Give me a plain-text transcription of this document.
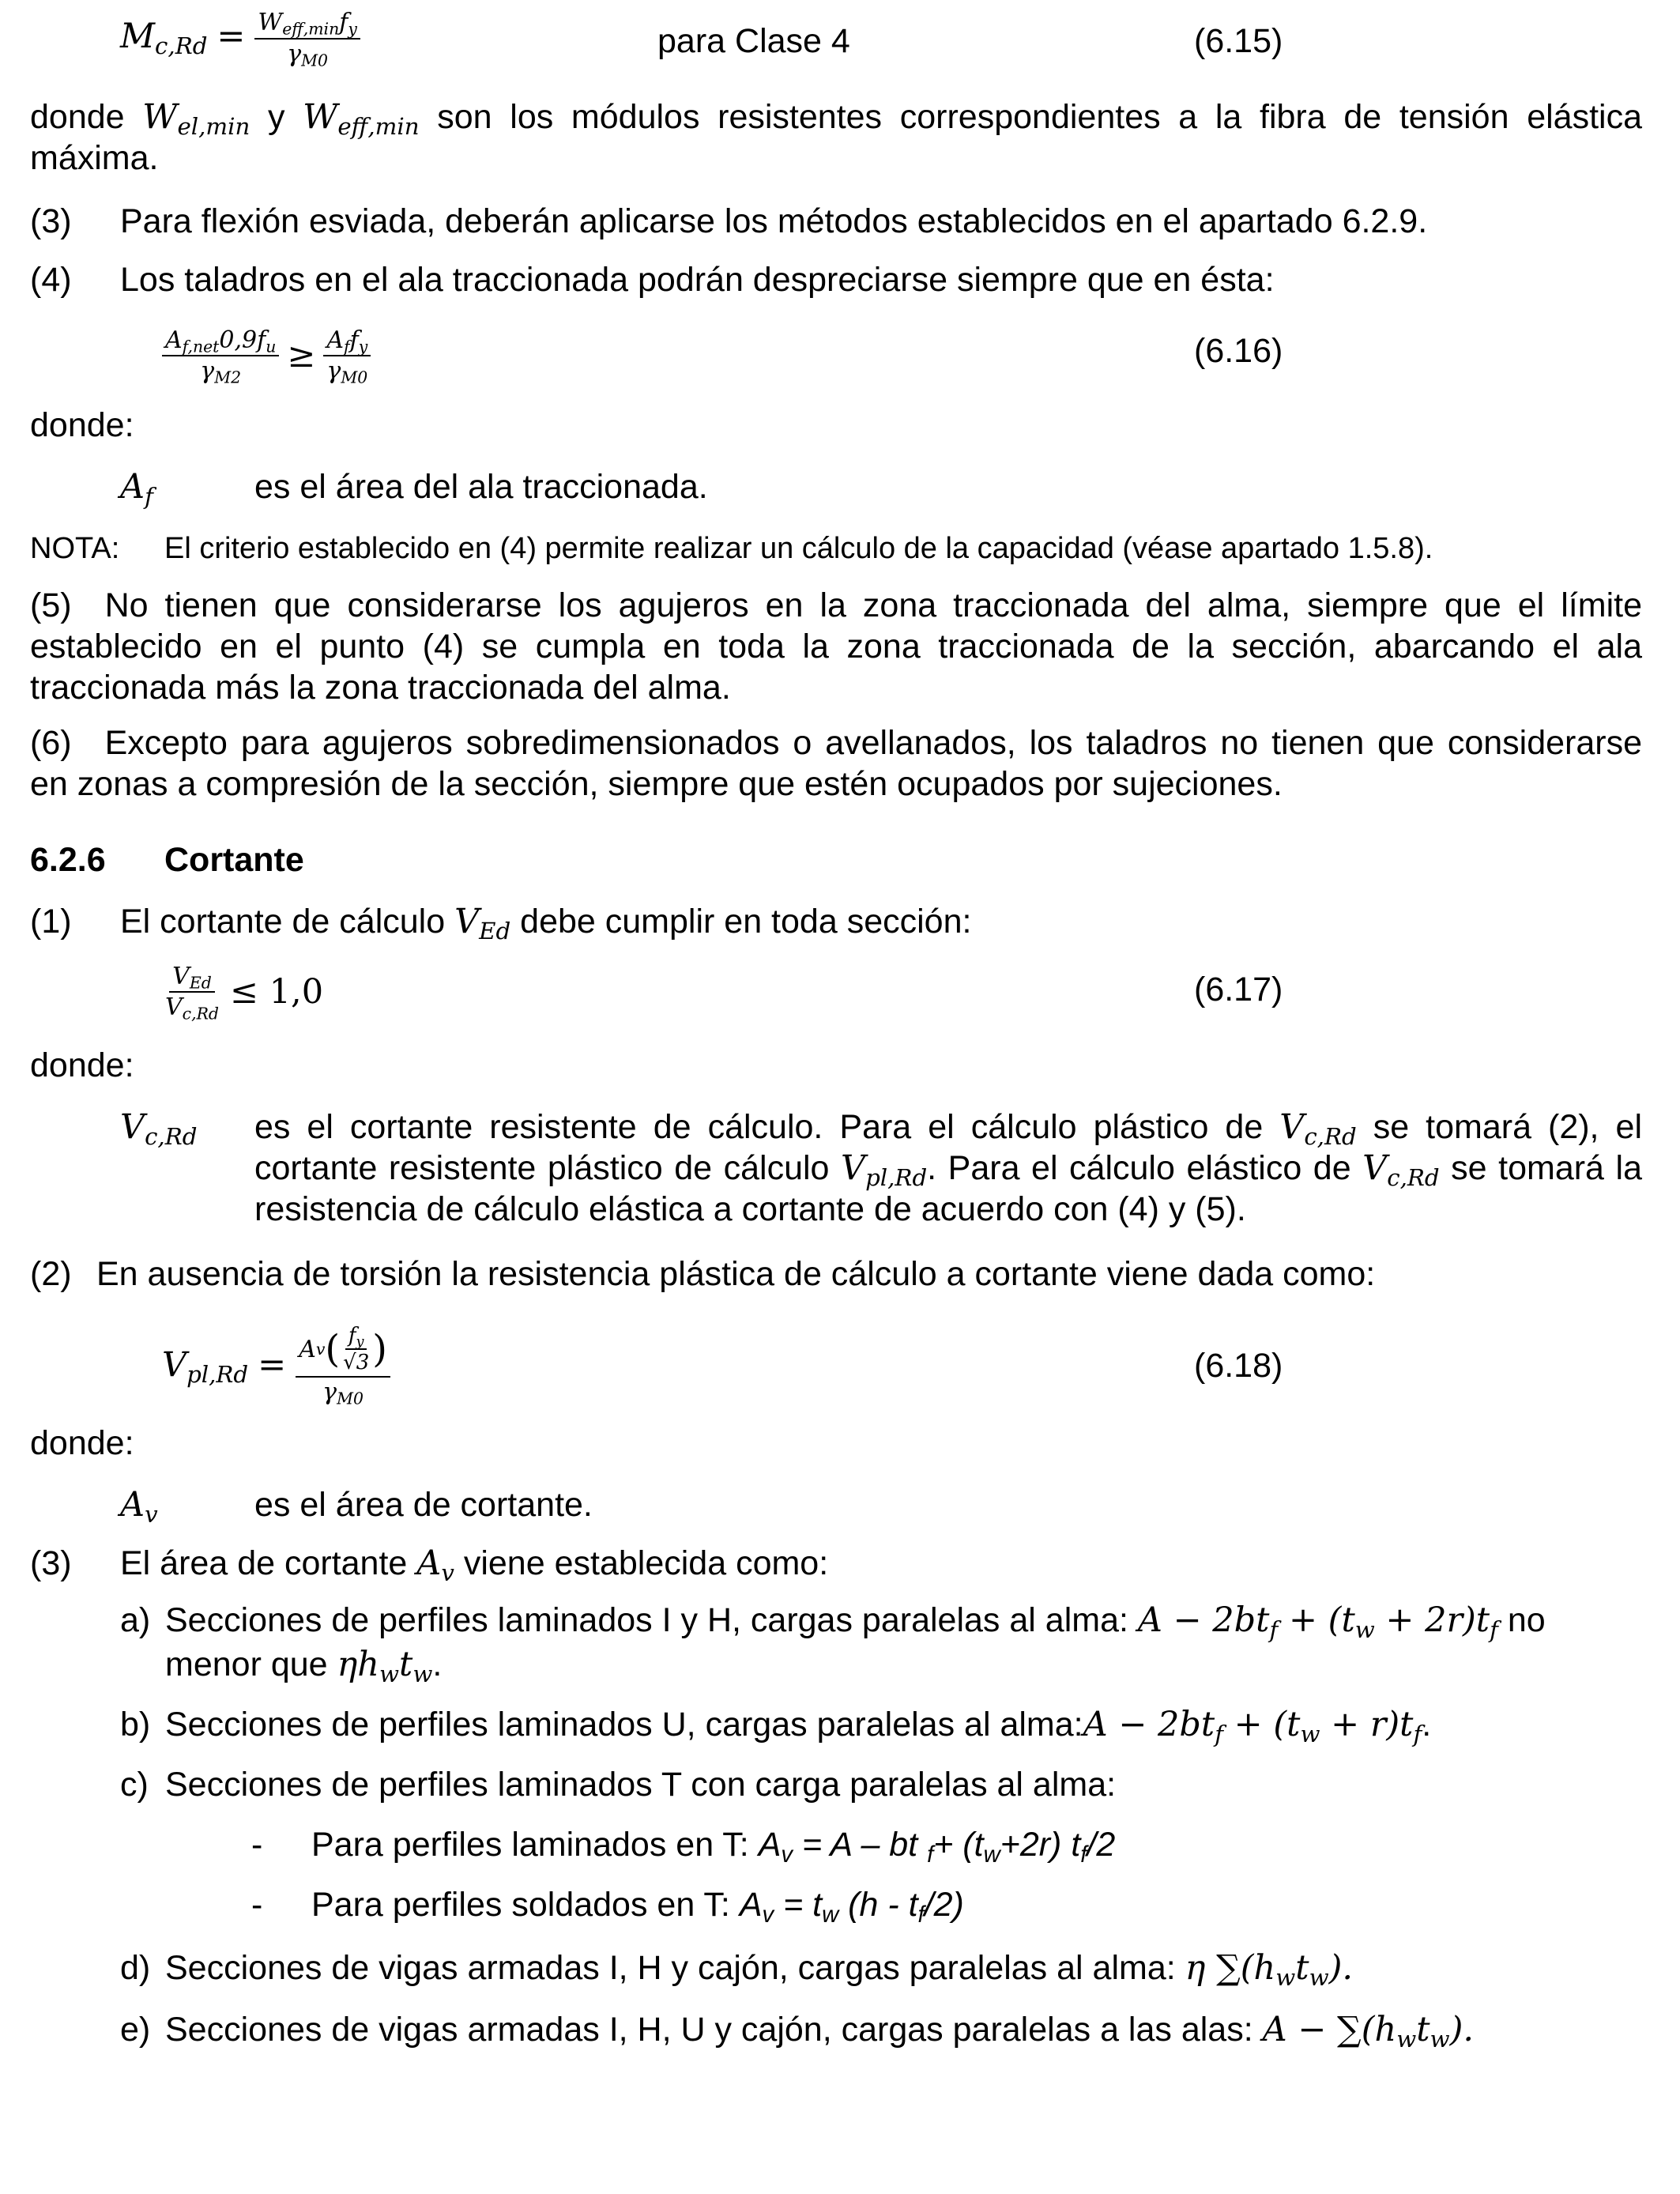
$M_{c,Rd} = \frac{W_{eff,min}f_y}{\gamma_{M0}}$	para Clase 4	(6.15)
donde $W_{el,min}$ y $W_{eff,min}$ son los módulos resistentes correspondientes a la fibra de tensión elástica máxima.
(3) Para flexión esviada, deberán aplicarse los métodos establecidos en el apartado 6.2.9.
(4) Los taladros en el ala traccionada podrán despreciarse siempre que en ésta:
$\frac{A_{f,net}0,9f_u}{\gamma_{M2}} \ge \frac{A_ff_y}{\gamma_{M0}}$	(6.16)
donde:
$A_f$	es el área del ala traccionada.
NOTA: El criterio establecido en (4) permite realizar un cálculo de la capacidad (véase apartado 1.5.8).
(5) No tienen que considerarse los agujeros en la zona traccionada del alma, siempre que el límite establecido en el punto (4) se cumpla en toda la zona traccionada de la sección, abarcando el ala traccionada más la zona traccionada del alma.
(6) Excepto para agujeros sobredimensionados o avellanados, los taladros no tienen que considerarse en zonas a compresión de la sección, siempre que estén ocupados por sujeciones.
6.2.6 Cortante
(1) El cortante de cálculo $V_{Ed}$ debe cumplir en toda sección:
$\frac{V_{Ed}}{V_{c,Rd}} \le 1,0$	(6.17)
donde:
$V_{c,Rd}$ es el cortante resistente de cálculo. Para el cálculo plástico de $V_{c,Rd}$ se tomará (2), el cortante resistente plástico de cálculo $V_{pl,Rd}$. Para el cálculo elástico de $V_{c,Rd}$ se tomará la resistencia de cálculo elástica a cortante de acuerdo con (4) y (5).
(2) En ausencia de torsión la resistencia plástica de cálculo a cortante viene dada como:
$V_{pl,Rd} = \frac{A v ( \frac{f_y}{√3} )}{\gamma_{M0}}$	(6.18)
donde:
$A_v$	es el área de cortante.
(3) El área de cortante $A_v$ viene establecida como:
a) Secciones de perfiles laminados I y H, cargas paralelas al alma: $A - 2bt_f + (t_w + 2r)t_f$ no
menor que $\eta h_wt_w$.
b) Secciones de perfiles laminados U, cargas paralelas al alma:A − $2bt_f + (t_w + r)t_f$.
c) Secciones de perfiles laminados T con carga paralelas al alma:
- Para perfiles laminados en T: $A_v = A$ – bt $_f+ (t_w+2r)$ $t_f/2$
- Para perfiles soldados en T: $A_v = t_w$ $(h - t_f/2)$
d) Secciones de vigas armadas I, H y cajón, cargas paralelas al alma: η $\sum(h_wt_w)$.
e) Secciones de vigas armadas I, H, U y cajón, cargas paralelas a las alas: $A - \sum(h_wt_w)$.
